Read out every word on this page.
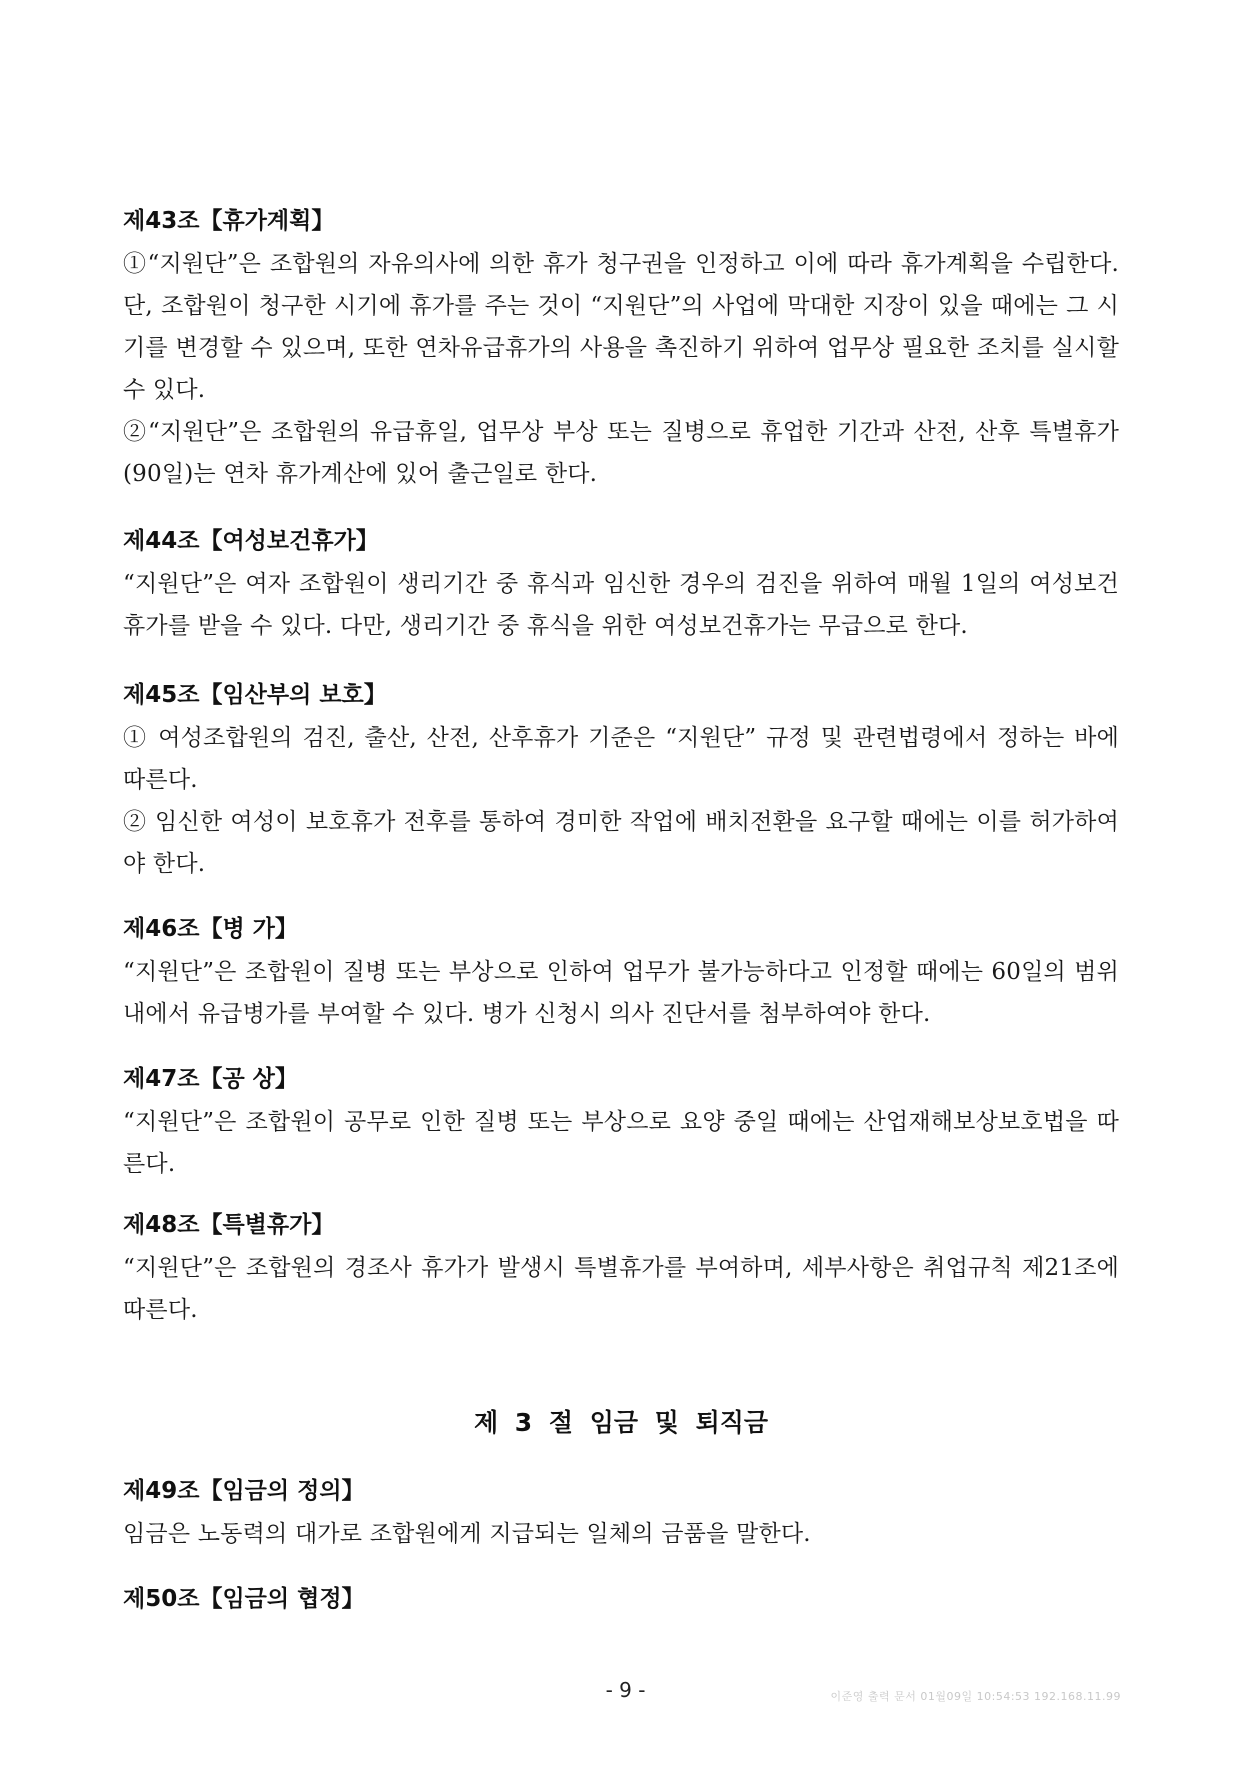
제43조【휴가계획】

①“지원단”은 조합원의 자유의사에 의한 휴가 청구권을 인정하고 이에 따라 휴가계획을 수립한다. 단, 조합원이 청구한 시기에 휴가를 주는 것이 “지원단”의 사업에 막대한 지장이 있을 때에는 그 시기를 변경할 수 있으며, 또한 연차유급휴가의 사용을 촉진하기 위하여 업무상 필요한 조치를 실시할 수 있다.

②“지원단”은 조합원의 유급휴일, 업무상 부상 또는 질병으로 휴업한 기간과 산전, 산후 특별휴가(90일)는 연차 휴가계산에 있어 출근일로 한다.

제44조【여성보건휴가】

“지원단”은 여자 조합원이 생리기간 중 휴식과 임신한 경우의 검진을 위하여 매월 1일의 여성보건휴가를 받을 수 있다. 다만, 생리기간 중 휴식을 위한 여성보건휴가는 무급으로 한다.

제45조【임산부의 보호】

① 여성조합원의 검진, 출산, 산전, 산후휴가 기준은 “지원단” 규정 및 관련법령에서 정하는 바에 따른다.

② 임신한 여성이 보호휴가 전후를 통하여 경미한 작업에 배치전환을 요구할 때에는 이를 허가하여야 한다.

제46조【병 가】

“지원단”은 조합원이 질병 또는 부상으로 인하여 업무가 불가능하다고 인정할 때에는 60일의 범위 내에서 유급병가를 부여할 수 있다. 병가 신청시 의사 진단서를 첨부하여야 한다.

제47조【공 상】

“지원단”은 조합원이 공무로 인한 질병 또는 부상으로 요양 중일 때에는 산업재해보상보호법을 따른다.

제48조【특별휴가】

“지원단”은 조합원의 경조사 휴가가 발생시 특별휴가를 부여하며, 세부사항은 취업규칙 제21조에 따른다.

제 3 절 임금 및 퇴직금
제49조【임금의 정의】

임금은 노동력의 대가로 조합원에게 지급되는 일체의 금품을 말한다.

제50조【임금의 협정】
- 9 -	이준영 출력 문서 01월09일 10:54:53 192.168.11.99
